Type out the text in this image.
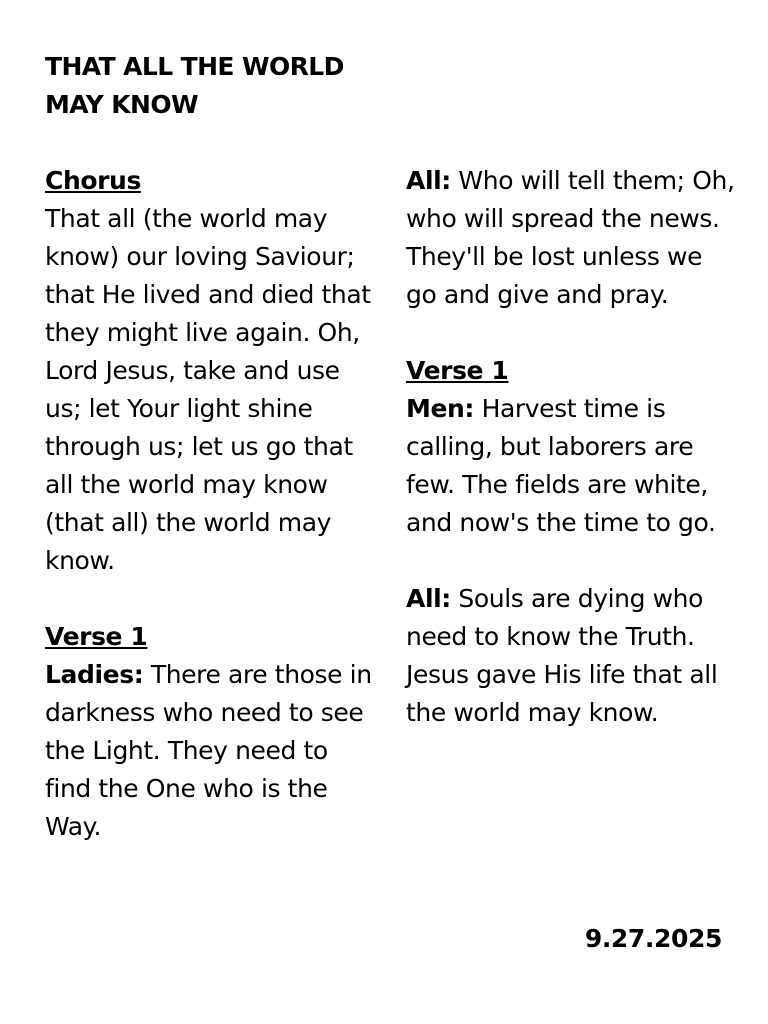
THAT ALL THE WORLD
MAY KNOW
Chorus
That all (the world may know) our loving Saviour; that He lived and died that they might live again. Oh, Lord Jesus, take and use us; let Your light shine through us; let us go that all the world may know (that all) the world may know.
Verse 1
Ladies: There are those in darkness who need to see the Light. They need to find the One who is the Way.
All: Who will tell them; Oh, who will spread the news. They'll be lost unless we go and give and pray.
Verse 1
Men: Harvest time is calling, but laborers are few. The fields are white, and now's the time to go.
All: Souls are dying who need to know the Truth. Jesus gave His life that all the world may know.
9.27.2025
